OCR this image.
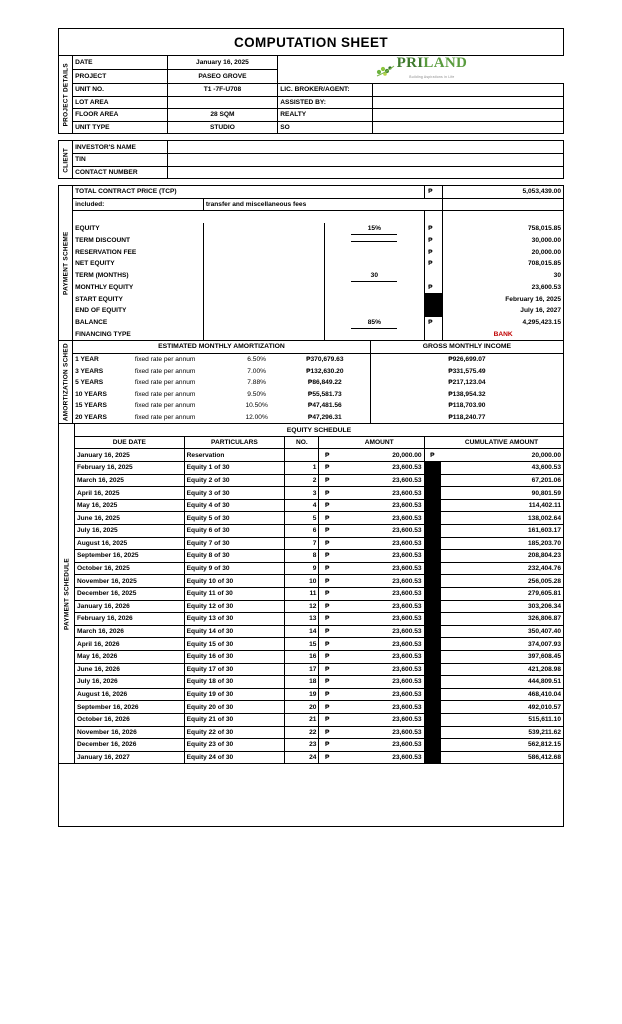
COMPUTATION SHEET
PROJECT DETAILS	DATE	January 16, 2025	PRILAND
Building Aspirations in Life	

	PROJECT	PASEO GROVE		
	UNIT NO.	T1 -7F-U708	LIC. BROKER/AGENT:	
	LOT AREA		ASSISTED BY:	
	FLOOR AREA	28 SQM	REALTY	
	UNIT TYPE	STUDIO	SO	
CLIENT	INVESTOR'S NAME	
	TIN	
	CONTACT NUMBER	
PAYMENT SCHEME	TOTAL CONTRACT PRICE (TCP)			₱	5,053,439.00
	included:	transfer and miscellaneous fees			

	EQUITY		15%	₱	758,015.85
	TERM DISCOUNT			₱	30,000.00
	RESERVATION FEE			₱	20,000.00
	NET EQUITY			₱	708,015.85
	TERM (MONTHS)		30		30
	MONTHLY EQUITY			₱	23,600.53
	START EQUITY				February 16, 2025
	END OF EQUITY				July 16, 2027
	BALANCE		85%	₱	4,295,423.15
	FINANCING TYPE				BANK
AMORTIZATION SCHED	ESTIMATED MONTHLY AMORTIZATION				GROSS MONTHLY INCOME
	1 YEAR	fixed rate per annum	6.50%	₱370,679.63	₱926,699.07
	3 YEARS	fixed rate per annum	7.00%	₱132,630.20	₱331,575.49
	5 YEARS	fixed rate per annum	7.88%	₱86,849.22	₱217,123.04
	10 YEARS	fixed rate per annum	9.50%	₱55,581.73	₱138,954.32
	15 YEARS	fixed rate per annum	10.50%	₱47,481.56	₱118,703.90
	20 YEARS	fixed rate per annum	12.00%	₱47,296.31	₱118,240.77
PAYMENT SCHEDULE	EQUITY SCHEDULE						
	DUE DATE	PARTICULARS	NO.		AMOUNT		CUMULATIVE AMOUNT
	January 16, 2025	Reservation		₱	20,000.00	₱	20,000.00
	February 16, 2025	Equity 1 of 30	1	₱	23,600.53		43,600.53
	March 16, 2025	Equity 2 of 30	2	₱	23,600.53		67,201.06
	April 16, 2025	Equity 3 of 30	3	₱	23,600.53		90,801.59
	May 16, 2025	Equity 4 of 30	4	₱	23,600.53		114,402.11
	June 16, 2025	Equity 5 of 30	5	₱	23,600.53		138,002.64
	July 16, 2025	Equity 6 of 30	6	₱	23,600.53		161,603.17
	August 16, 2025	Equity 7 of 30	7	₱	23,600.53		185,203.70
	September 16, 2025	Equity 8 of 30	8	₱	23,600.53		208,804.23
	October 16, 2025	Equity 9 of 30	9	₱	23,600.53		232,404.76
	November 16, 2025	Equity 10 of 30	10	₱	23,600.53		256,005.28
	December 16, 2025	Equity 11 of 30	11	₱	23,600.53		279,605.81
	January 16, 2026	Equity 12 of 30	12	₱	23,600.53		303,206.34
	February 16, 2026	Equity 13 of 30	13	₱	23,600.53		326,806.87
	March 16, 2026	Equity 14 of 30	14	₱	23,600.53		350,407.40
	April 16, 2026	Equity 15 of 30	15	₱	23,600.53		374,007.93
	May 16, 2026	Equity 16 of 30	16	₱	23,600.53		397,608.45
	June 16, 2026	Equity 17 of 30	17	₱	23,600.53		421,208.98
	July 16, 2026	Equity 18 of 30	18	₱	23,600.53		444,809.51
	August 16, 2026	Equity 19 of 30	19	₱	23,600.53		468,410.04
	September 16, 2026	Equity 20 of 30	20	₱	23,600.53		492,010.57
	October 16, 2026	Equity 21 of 30	21	₱	23,600.53		515,611.10
	November 16, 2026	Equity 22 of 30	22	₱	23,600.53		539,211.62
	December 16, 2026	Equity 23 of 30	23	₱	23,600.53		562,812.15
	January 16, 2027	Equity 24 of 30	24	₱	23,600.53		586,412.68
